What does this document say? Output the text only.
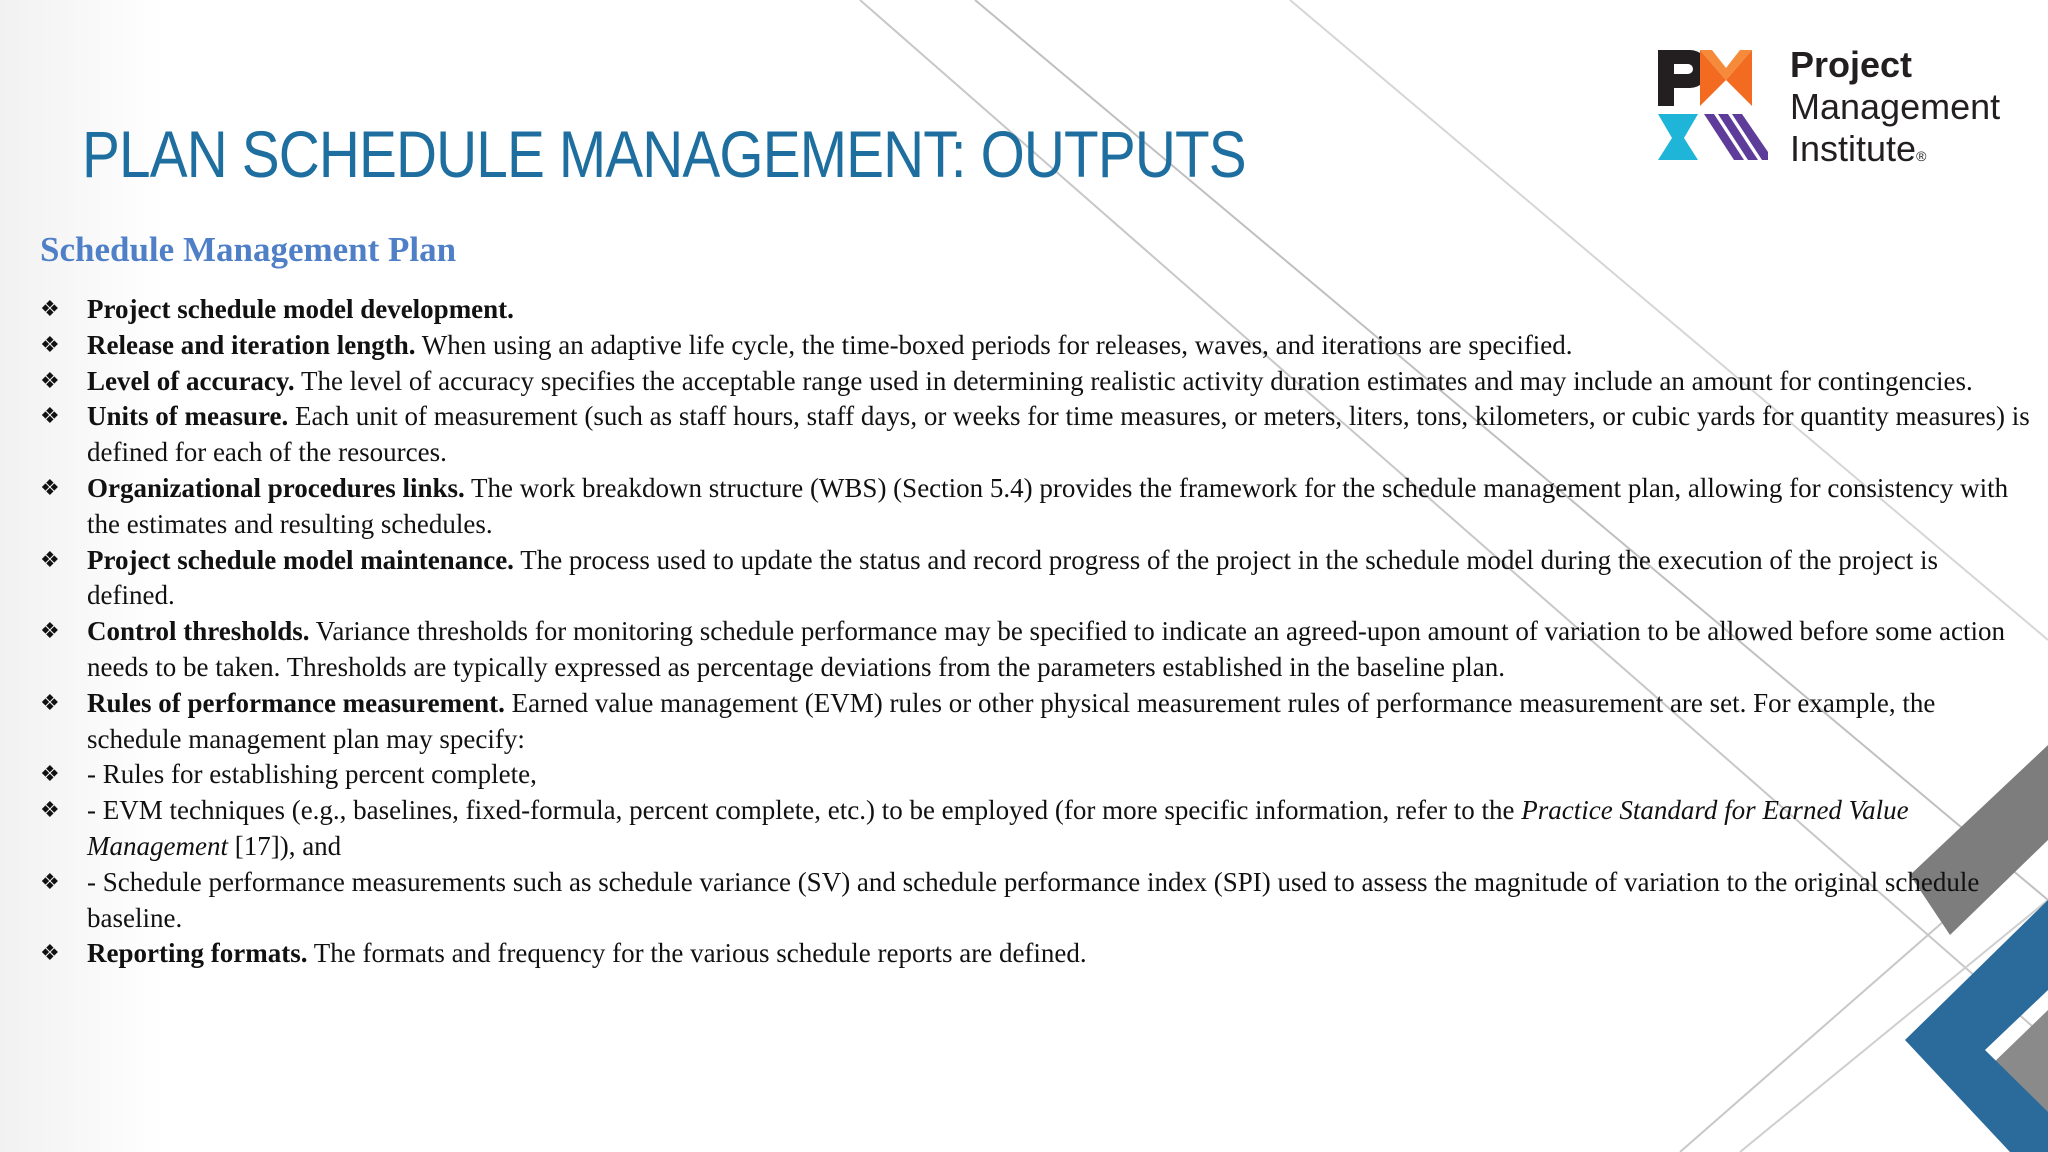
PLAN SCHEDULE MANAGEMENT: OUTPUTS
Project
Management
Institute®
Schedule Management Plan
❖ Project schedule model development.
❖ Release and iteration length. When using an adaptive life cycle, the time-boxed periods for releases, waves, and iterations are specified.
❖ Level of accuracy. The level of accuracy specifies the acceptable range used in determining realistic activity duration estimates and may include an amount for contingencies.
❖ Units of measure. Each unit of measurement (such as staff hours, staff days, or weeks for time measures, or meters, liters, tons, kilometers, or cubic yards for quantity measures) is defined for each of the resources.
❖ Organizational procedures links. The work breakdown structure (WBS) (Section 5.4) provides the framework for the schedule management plan, allowing for consistency with the estimates and resulting schedules.
❖ Project schedule model maintenance. The process used to update the status and record progress of the project in the schedule model during the execution of the project is defined.
❖ Control thresholds. Variance thresholds for monitoring schedule performance may be specified to indicate an agreed-upon amount of variation to be allowed before some action needs to be taken. Thresholds are typically expressed as percentage deviations from the parameters established in the baseline plan.
❖ Rules of performance measurement. Earned value management (EVM) rules or other physical measurement rules of performance measurement are set. For example, the schedule management plan may specify:
❖ - Rules for establishing percent complete,
❖ - EVM techniques (e.g., baselines, fixed-formula, percent complete, etc.) to be employed (for more specific information, refer to the Practice Standard for Earned Value Management [17]), and
❖ - Schedule performance measurements such as schedule variance (SV) and schedule performance index (SPI) used to assess the magnitude of variation to the original schedule baseline.
❖ Reporting formats. The formats and frequency for the various schedule reports are defined.
